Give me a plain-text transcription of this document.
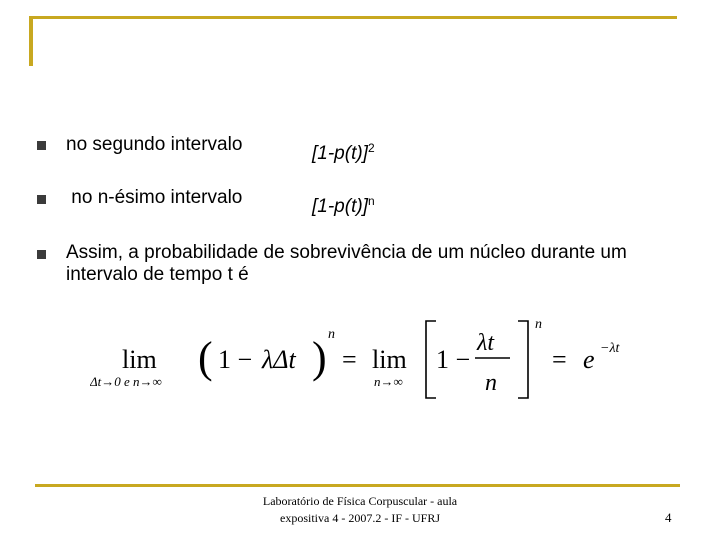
no segundo intervalo	$[1-p(t)]^2$
no n-ésimo intervalo	$[1-p(t)]^n$
Assim, a probabilidade de sobrevivência de um núcleo durante um intervalo de tempo t é
lim
Δt→0 e n→∞ ( 1 − λΔt ) n
= lim
n→∞
1 −
λt
n
n
= e −λt
Laboratório de Física Corpuscular - aula
expositiva 4 - 2007.2 - IF - UFRJ	4
